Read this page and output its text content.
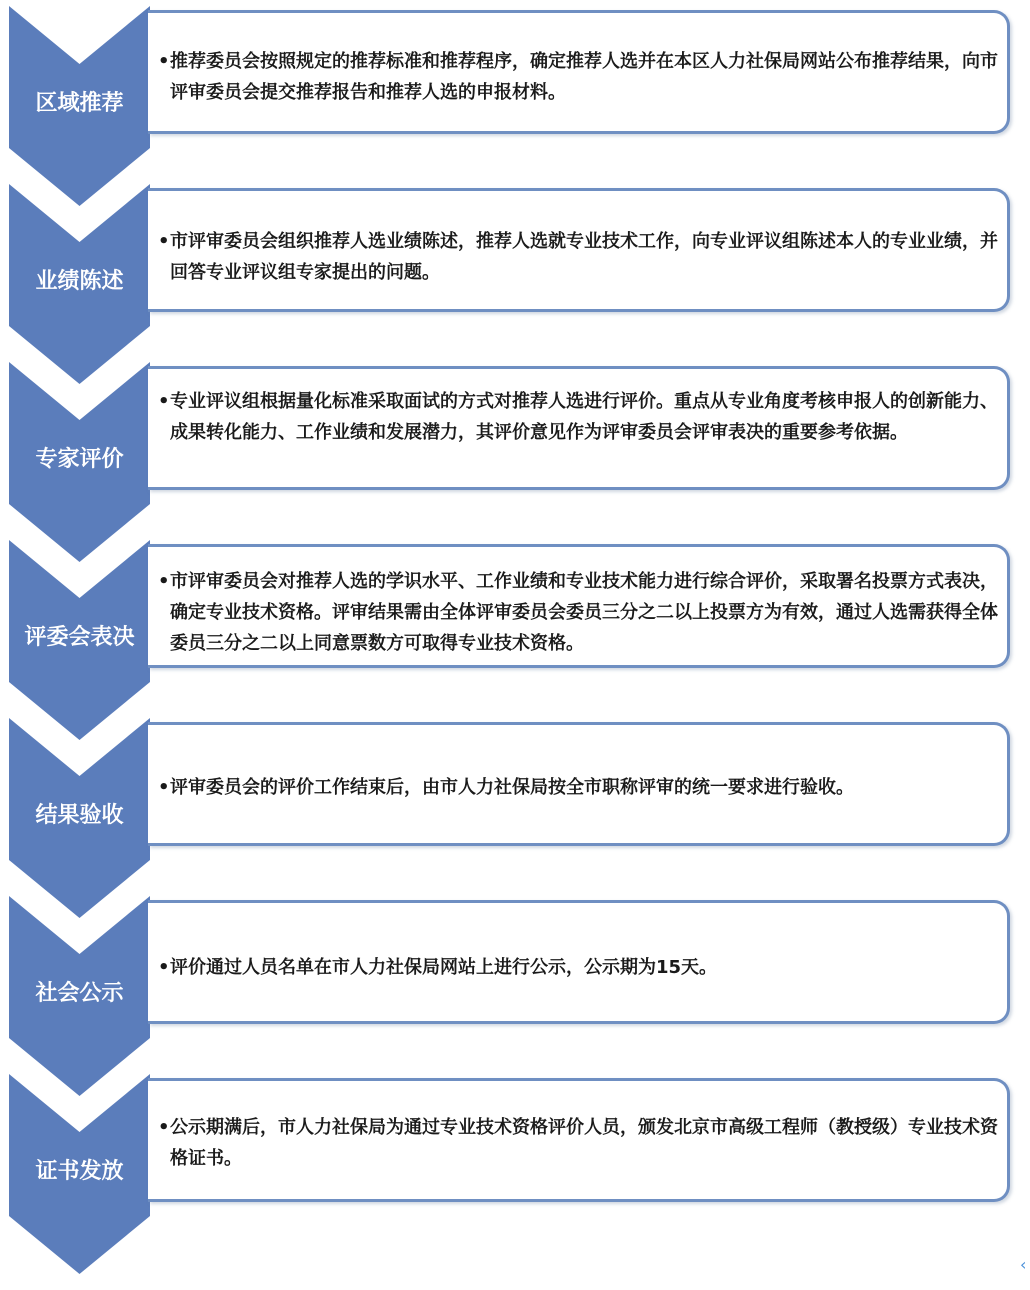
区域推荐
•推荐委员会按照规定的推荐标准和推荐程序，确定推荐人选并在本区人力社保局网站公布推荐结果，向市评审委员会提交推荐报告和推荐人选的申报材料。
业绩陈述
•市评审委员会组织推荐人选业绩陈述，推荐人选就专业技术工作，向专业评议组陈述本人的专业业绩，并回答专业评议组专家提出的问题。
专家评价
•专业评议组根据量化标准采取面试的方式对推荐人选进行评价。重点从专业角度考核申报人的创新能力、成果转化能力、工作业绩和发展潜力，其评价意见作为评审委员会评审表决的重要参考依据。
评委会表决
•市评审委员会对推荐人选的学识水平、工作业绩和专业技术能力进行综合评价，采取署名投票方式表决，确定专业技术资格。评审结果需由全体评审委员会委员三分之二以上投票方为有效，通过人选需获得全体委员三分之二以上同意票数方可取得专业技术资格。
结果验收
•评审委员会的评价工作结束后，由市人力社保局按全市职称评审的统一要求进行验收。
社会公示
•评价通过人员名单在市人力社保局网站上进行公示，公示期为15天。
证书发放
•公示期满后，市人力社保局为通过专业技术资格评价人员，颁发北京市高级工程师（教授级）专业技术资格证书。
‹
